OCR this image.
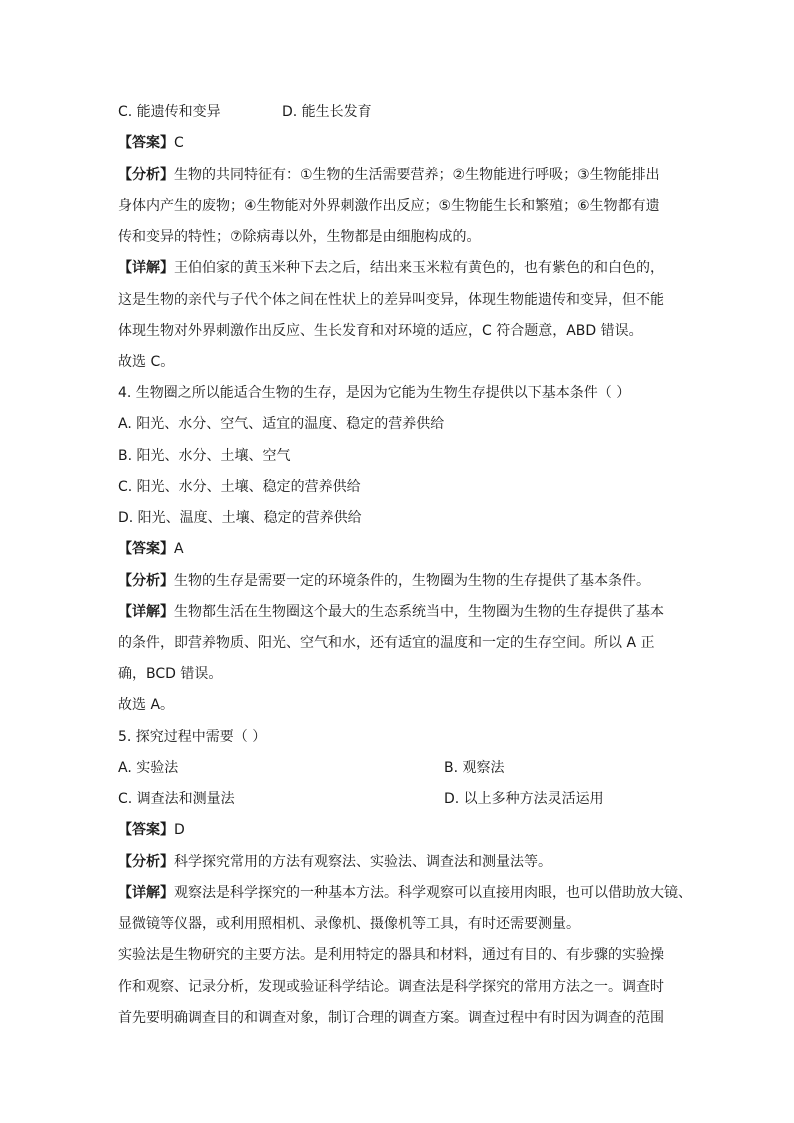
C. 能遗传和变异	D. 能生长发育
【答案】C
【分析】生物的共同特征有：①生物的生活需要营养；②生物能进行呼吸；③生物能排出
身体内产生的废物；④生物能对外界刺激作出反应；⑤生物能生长和繁殖；⑥生物都有遗
传和变异的特性；⑦除病毒以外，生物都是由细胞构成的。
【详解】王伯伯家的黄玉米种下去之后，结出来玉米粒有黄色的，也有紫色的和白色的，
这是生物的亲代与子代个体之间在性状上的差异叫变异，体现生物能遗传和变异，但不能
体现生物对外界刺激作出反应、生长发育和对环境的适应，C 符合题意，ABD 错误。
故选 C。
4. 生物圈之所以能适合生物的生存，是因为它能为生物生存提供以下基本条件（ ）
A. 阳光、水分、空气、适宜的温度、稳定的营养供给
B. 阳光、水分、土壤、空气
C. 阳光、水分、土壤、稳定的营养供给
D. 阳光、温度、土壤、稳定的营养供给
【答案】A
【分析】生物的生存是需要一定的环境条件的，生物圈为生物的生存提供了基本条件。
【详解】生物都生活在生物圈这个最大的生态系统当中，生物圈为生物的生存提供了基本
的条件，即营养物质、阳光、空气和水，还有适宜的温度和一定的生存空间。所以 A 正
确，BCD 错误。
故选 A。
5. 探究过程中需要（ ）
A. 实验法	B. 观察法
C. 调查法和测量法	D. 以上多种方法灵活运用
【答案】D
【分析】科学探究常用的方法有观察法、实验法、调查法和测量法等。
【详解】观察法是科学探究的一种基本方法。科学观察可以直接用肉眼，也可以借助放大镜、
显微镜等仪器，或利用照相机、录像机、摄像机等工具，有时还需要测量。
实验法是生物研究的主要方法。是利用特定的器具和材料，通过有目的、有步骤的实验操
作和观察、记录分析，发现或验证科学结论。调查法是科学探究的常用方法之一。调查时
首先要明确调查目的和调查对象，制订合理的调查方案。调查过程中有时因为调查的范围
